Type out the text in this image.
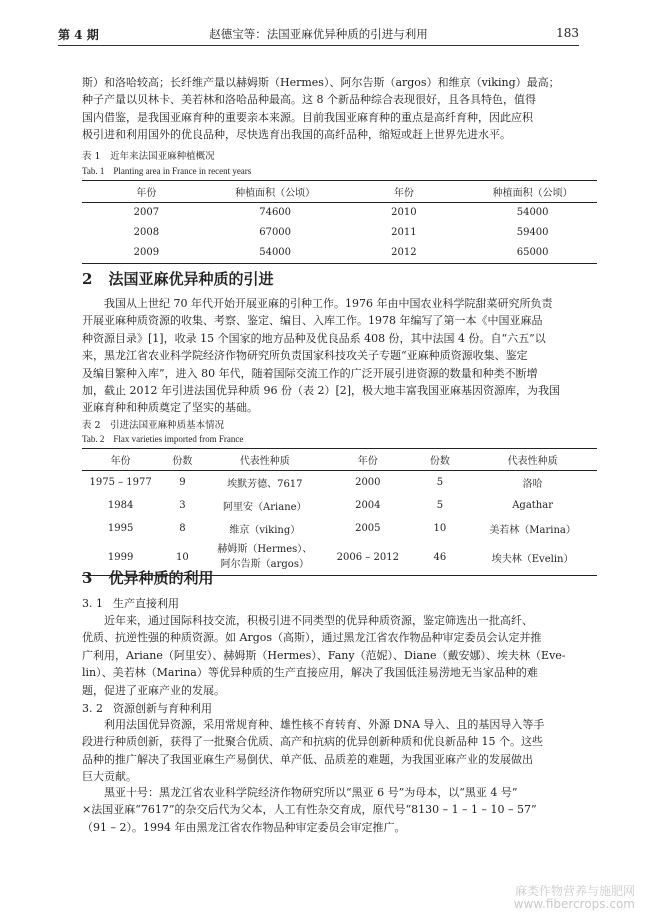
第 4 期	赵德宝等：法国亚麻优异种质的引进与利用	183
斯）和洛哈较高；长纤维产量以赫姆斯（Hermes）、阿尔告斯（argos）和维京（viking）最高；
种子产量以贝林卡、美若林和洛哈品种最高。这 8 个新品种综合表现很好，且各具特色，值得
国内借鉴，是我国亚麻育种的重要亲本来源。目前我国亚麻育种的重点是高纤育种，因此应积
极引进和利用国外的优良品种，尽快选育出我国的高纤品种，缩短或赶上世界先进水平。
表 1　近年来法国亚麻种植概况
Tab. 1　Planting area in France in recent years
年份	种植面积（公顷）	年份	种植面积（公顷）
2007	74600	2010	54000
2008	67000	2011	59400
2009	54000	2012	65000
2 法国亚麻优异种质的引进
我国从上世纪 70 年代开始开展亚麻的引种工作。1976 年由中国农业科学院甜菜研究所负责
开展亚麻种质资源的收集、考察、鉴定、编目、入库工作。1978 年编写了第一本《中国亚麻品
种资源目录》[1]，收录 15 个国家的地方品种及优良品系 408 份，其中法国 4 份。自“六五”以
来，黑龙江省农业科学院经济作物研究所负责国家科技攻关子专题“亚麻种质资源收集、鉴定
及编目繁种入库”，进入 80 年代，随着国际交流工作的广泛开展引进资源的数量和种类不断增
加，截止 2012 年引进法国优异种质 96 份（表 2）[2]，极大地丰富我国亚麻基因资源库，为我国
亚麻育种和种质奠定了坚实的基础。
表 2　引进法国亚麻种质基本情况
Tab. 2　Flax varieties imported from France
年份	份数	代表性种质	年份	份数	代表性种质
1975 – 1977	9	埃默芳德、7617	2000	5	洛哈
1984	3	阿里安（Ariane）	2004	5	Agathar
1995	8	维京（viking）	2005	10	美若林（Marina）
1999	10	赫姆斯（Hermes）、
阿尔告斯（argos）	2006 – 2012	46	埃夫林（Evelin）
3 优异种质的利用
3. 1 生产直接利用
近年来，通过国际科技交流，积极引进不同类型的优异种质资源，鉴定筛选出一批高纤、
优质、抗逆性强的种质资源。如 Argos（高斯），通过黑龙江省农作物品种审定委员会认定并推
广利用，Ariane（阿里安）、赫姆斯（Hermes）、Fany（范妮）、Diane（戴安娜）、埃夫林（Eve-
lin）、美若林（Marina）等优异种质的生产直接应用，解决了我国低洼易涝地无当家品种的难
题，促进了亚麻产业的发展。
3. 2 资源创新与育种利用
利用法国优异资源，采用常规育种、雄性核不育转育、外源 DNA 导入、且的基因导入等手
段进行种质创新，获得了一批聚合优质、高产和抗病的优异创新种质和优良新品种 15 个。这些
品种的推广解决了我国亚麻生产易倒伏、单产低、品质差的难题，为我国亚麻产业的发展做出
巨大贡献。
黑亚十号：黑龙江省农业科学院经济作物研究所以“黑亚 6 号”为母本，以“黑亚 4 号”
×法国亚麻“7617”的杂交后代为父本，人工有性杂交育成，原代号“8130 – 1 – 1 – 10 – 57”
（91 – 2）。1994 年由黑龙江省农作物品种审定委员会审定推广。
麻类作物营养与施肥网
www.fibercrops.com
